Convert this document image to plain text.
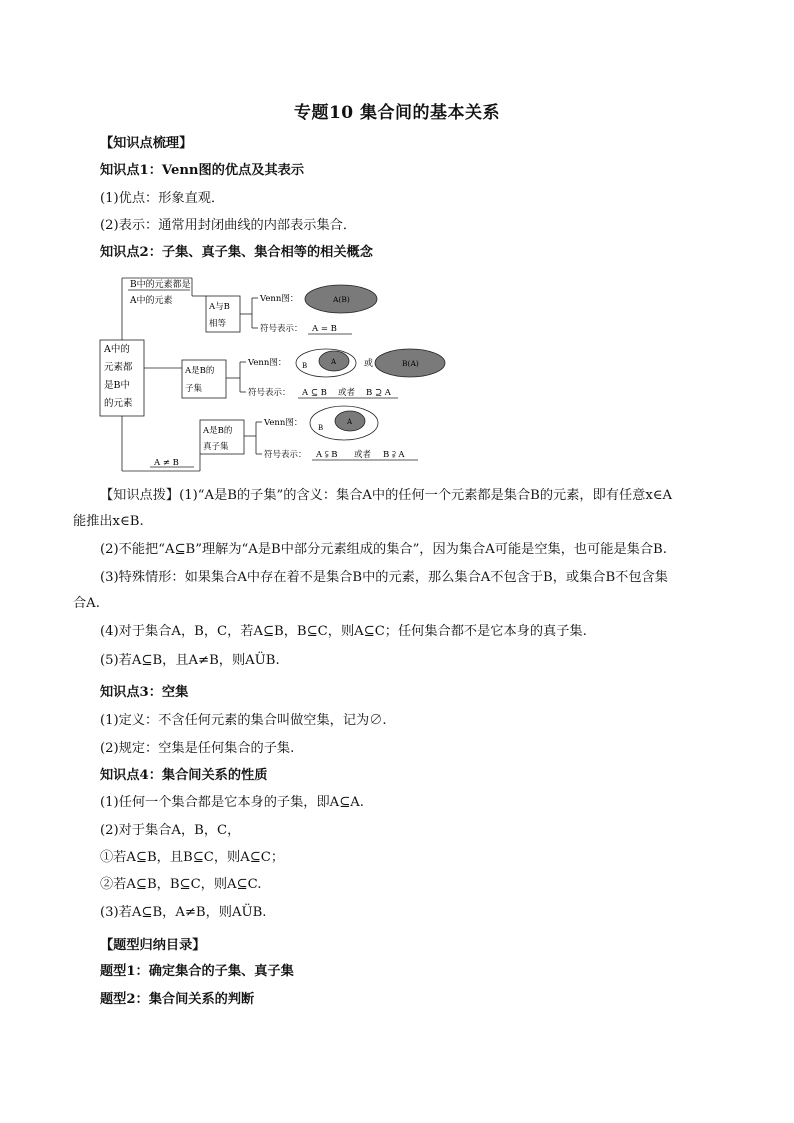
专题10 集合间的基本关系
【知识点梳理】
知识点1：Venn图的优点及其表示
(1)优点：形象直观．
(2)表示：通常用封闭曲线的内部表示集合．
知识点2：子集、真子集、集合相等的相关概念
A中的
元素都
是B中
的元素
B中的元素都是
A中的元素
A与B
相等
Venn图：	A(B)
符号表示： A = B
A是B的
子集
Venn图： B	A	或	B(A)
符号表示： A ⊆ B 或者 B ⊇ A
A是B的
真子集
Venn图： B
A
符号表示： A ⫋ B 或者 B ⫌ A
A ≠ B
【知识点拨】(1)“A是B的子集”的含义：集合A中的任何一个元素都是集合B的元素，即有任意x∈A
能推出x∈B.
(2)不能把“A⊆B”理解为“A是B中部分元素组成的集合”，因为集合A可能是空集，也可能是集合B.
(3)特殊情形：如果集合A中存在着不是集合B中的元素，那么集合A不包含于B，或集合B不包含集
合A.
(4)对于集合A，B，C，若A⊆B，B⊆C，则A⊆C；任何集合都不是它本身的真子集.
(5)若A⊆B，且A≠B，则AÜB.
知识点3：空集
(1)定义：不含任何元素的集合叫做空集，记为∅.
(2)规定：空集是任何集合的子集.
知识点4：集合间关系的性质
(1)任何一个集合都是它本身的子集，即A⊆A.
(2)对于集合A，B，C，
①若A⊆B，且B⊆C，则A⊆C；
②若A⊆B，B⊆C，则A⊆C.
(3)若A⊆B，A≠B，则AÜB.
【题型归纳目录】
题型1：确定集合的子集、真子集
题型2：集合间关系的判断
